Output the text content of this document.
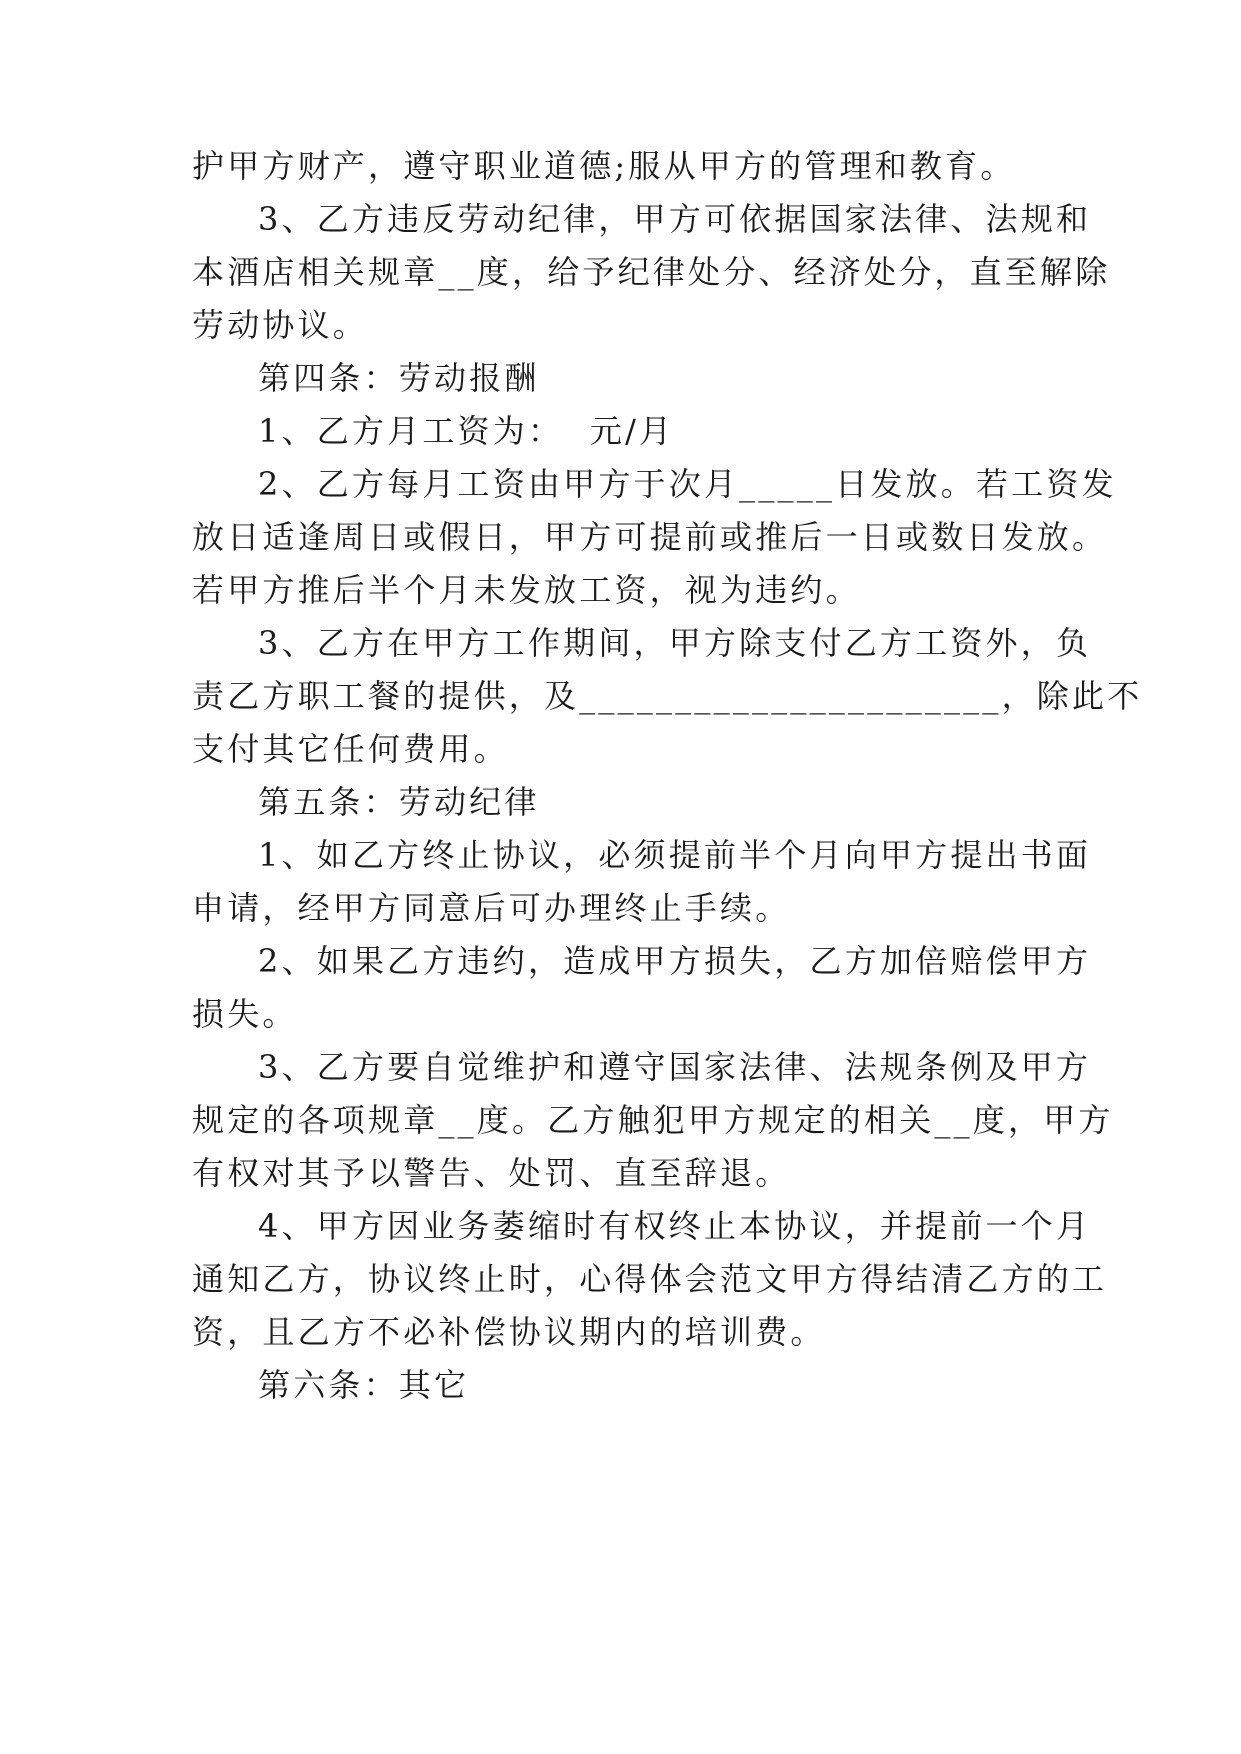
护甲方财产，遵守职业道德;服从甲方的管理和教育。
3、乙方违反劳动纪律，甲方可依据国家法律、法规和
本酒店相关规章__度，给予纪律处分、经济处分，直至解除
劳动协议。
第四条：劳动报酬
1、乙方月工资为：  元/月
2、乙方每月工资由甲方于次月_____日发放。若工资发
放日适逢周日或假日，甲方可提前或推后一日或数日发放。
若甲方推后半个月未发放工资，视为违约。
3、乙方在甲方工作期间，甲方除支付乙方工资外，负
责乙方职工餐的提供，及______________________，除此不
支付其它任何费用。
第五条：劳动纪律
1、如乙方终止协议，必须提前半个月向甲方提出书面
申请，经甲方同意后可办理终止手续。
2、如果乙方违约，造成甲方损失，乙方加倍赔偿甲方
损失。
3、乙方要自觉维护和遵守国家法律、法规条例及甲方
规定的各项规章__度。乙方触犯甲方规定的相关__度，甲方
有权对其予以警告、处罚、直至辞退。
4、甲方因业务萎缩时有权终止本协议，并提前一个月
通知乙方，协议终止时，心得体会范文甲方得结清乙方的工
资，且乙方不必补偿协议期内的培训费。
第六条：其它
